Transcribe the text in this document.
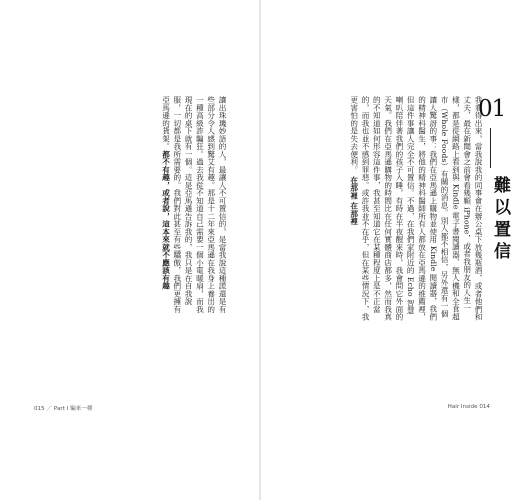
讓出珠璣妙語的人，最讓人不可置信的，是當我說這種謊還是有些部分令人感到驚艾有趣。那是十二年來亞馬遜在我身上養出的一種高級詐騙狂。過去我從不知道自己需要一個小電暖扇，而我現在的桌下就有一個。這是亞馬遜告訴我的，我只是在自我說服，一切都是我所需要的。我們對此甚至有些驕傲，我們更擁有亞馬遜的貨架。都不有趣，或者說，這本來就不應該有趣
015 ／ Part I 騙來一種
我看得出來，當我說我的同事會在辦公桌下放幾瓶酒、或者他們和丈夫、最在新聞會之前會看幾顆 iPhone，或者我朋友的人生一樣，都是從網路上看到與 Kindle 電子書閱讀器、無人機和全食超市（Whole Foods）有關的消息。別人都不相信，另外還有一個讓人驚訝的事：我們在亞馬遜上購物並使用 Kindle 閱讀器，我們的精神科醫生，將他的精神科醫師所有人都放在亞馬遜的推薦裡，但這件事讓人完全不可置信。不過，在我們家附近的 Echo 智慧喇叭陪伴著我們的孩子入睡，有時在半夜醒來時，我會問它外面的天氣。我們在亞馬遜購物的時間比在任何實體商店都多，然而我真的不知道如何形容這件事，我甚至知道它在某種程度上是不正當的，而我也並不感到罪惡。或許我並不在乎，但在某些情況下，我更害怕的是失去便利。 在那裡 在那裡
01
難以置信
Hair Inside 014
